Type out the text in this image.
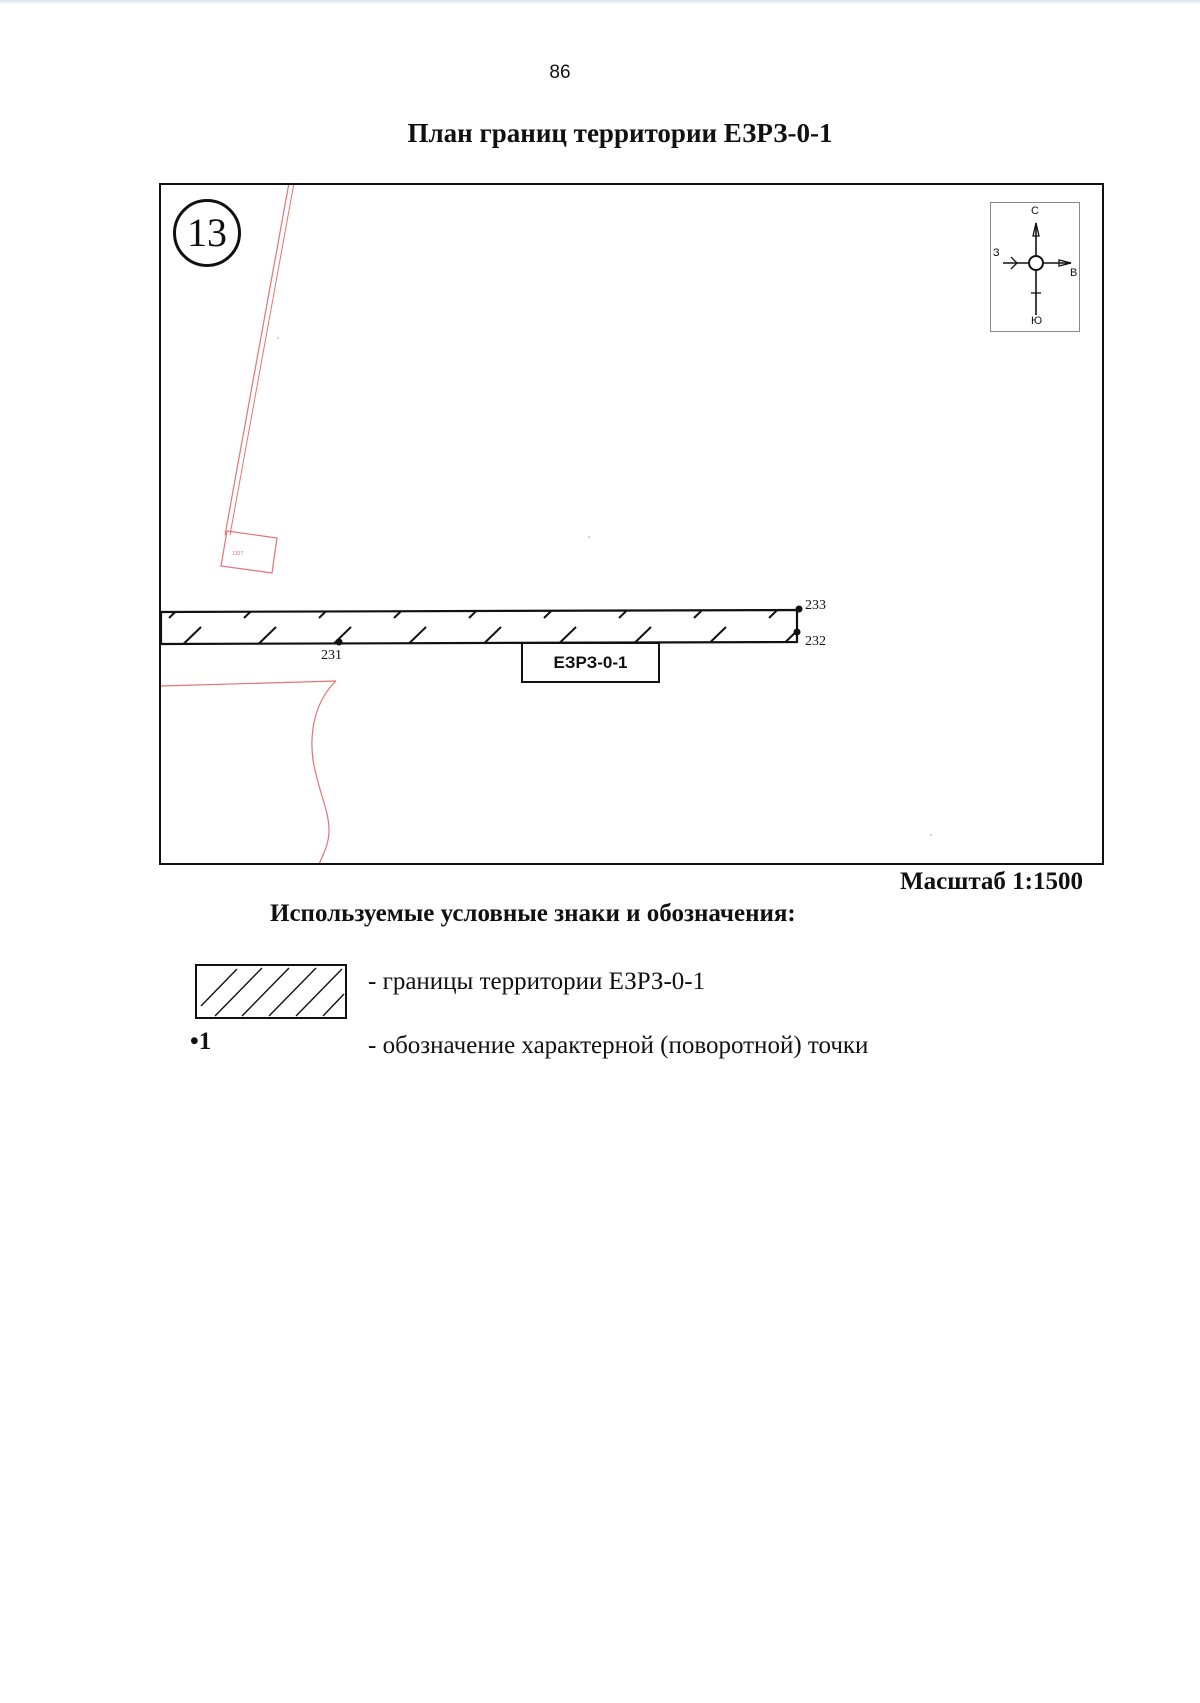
86
План границ территории ЕЗРЗ-0-1
13	С
Ю
В
З
231
232
233
1307
ЕЗРЗ-0-1
Масштаб 1:1500
Используемые условные знаки и обозначения:
- границы территории ЕЗРЗ-0-1
•1	- обозначение характерной (поворотной) точки
